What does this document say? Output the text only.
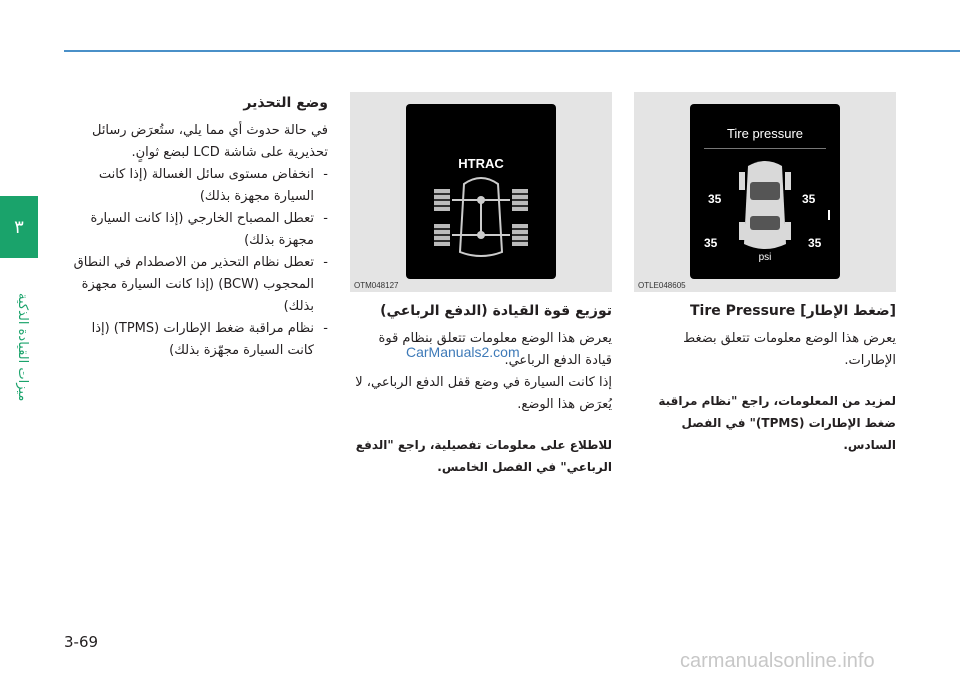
٣
ميزات القيادة الذكية
وضع التحذير

في حالة حدوث أي مما يلي، ستُعرَض رسائل تحذيرية على شاشة LCD لبضع ثوانٍ.

- انخفاض مستوى سائل الغسالة (إذا كانت السيارة مجهزة بذلك)
- تعطل المصباح الخارجي (إذا كانت السيارة مجهزة بذلك)
- تعطل نظام التحذير من الاصطدام في النطاق المحجوب (BCW) (إذا كانت السيارة مجهزة بذلك)
- نظام مراقبة ضغط الإطارات (TPMS) (إذا كانت السيارة مجهّزة بذلك)
HTRAC
OTM048127
توزيع قوة القيادة (الدفع الرباعي)

يعرض هذا الوضع معلومات تتعلق بنظام قوة قيادة الدفع الرباعي.

إذا كانت السيارة في وضع قفل الدفع الرباعي، لا يُعرَض هذا الوضع.

للاطلاع على معلومات تفصيلية، راجع "الدفع الرباعي" في الفصل الخامس.

CarManuals2.com
Tire pressure
35	35
35	35
psi
OTLE048605
[ضغط الإطار] Tire Pressure

يعرض هذا الوضع معلومات تتعلق بضغط الإطارات.

لمزيد من المعلومات، راجع "نظام مراقبة ضغط الإطارات (TPMS)" في الفصل السادس.

3-69
carmanualsonline.info
